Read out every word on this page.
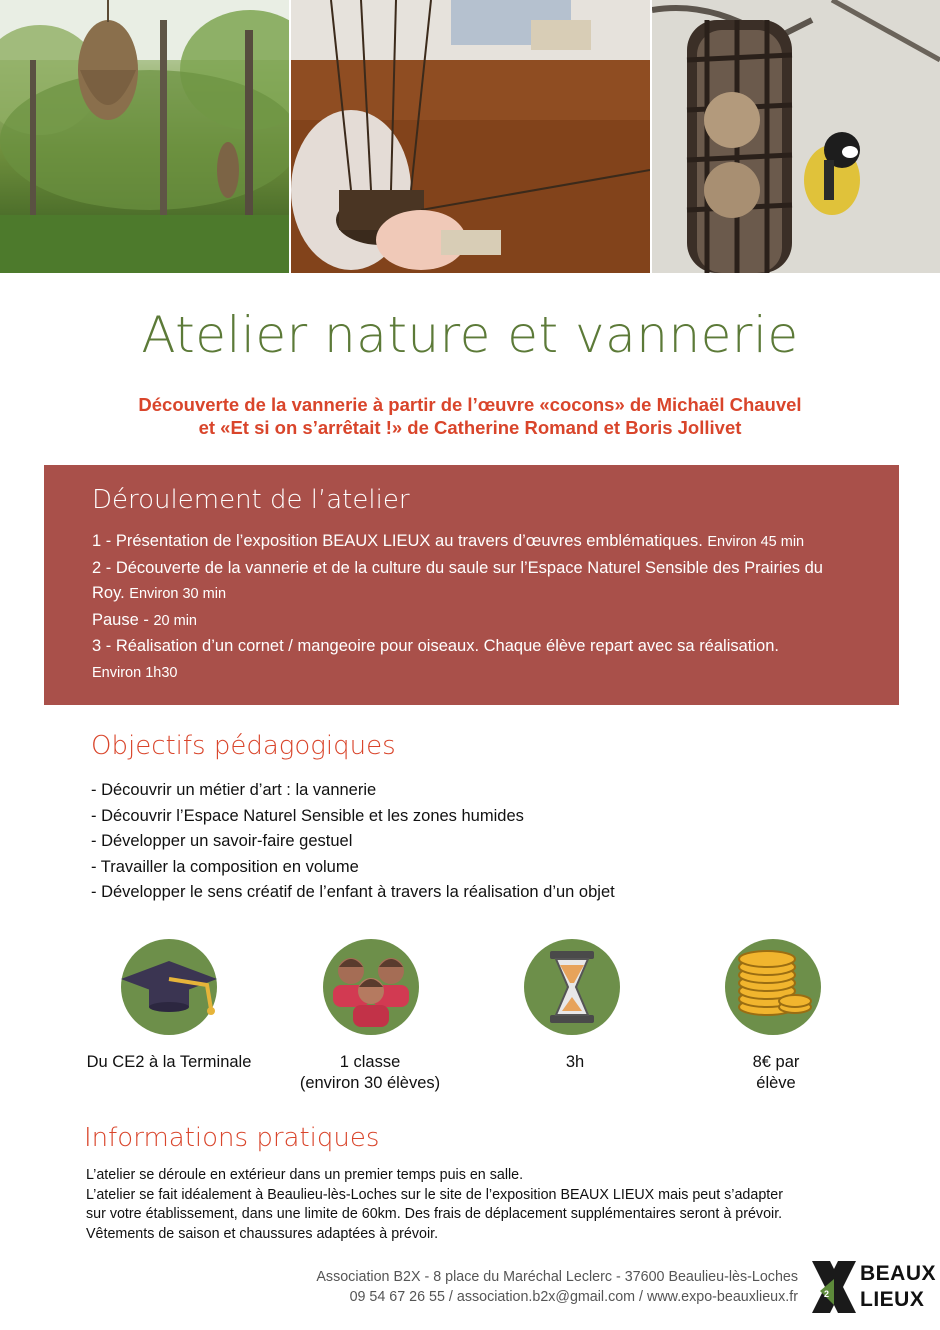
Atelier nature et vannerie
Découverte de la vannerie à partir de l’œuvre «cocons» de Michaël Chauvel
et «Et si on s’arrêtait !» de Catherine Romand et Boris Jollivet
Déroulement de l’atelier

1 - Présentation de l’exposition BEAUX LIEUX au travers d’œuvres emblématiques. Environ 45 min

2 - Découverte de la vannerie et de la culture du saule sur l’Espace Naturel Sensible des Prairies du Roy. Environ 30 min

Pause - 20 min

3 - Réalisation d’un cornet / mangeoire pour oiseaux. Chaque élève repart avec sa réalisation.
Environ 1h30

Objectifs pédagogiques
- Découvrir un métier d’art : la vannerie
- Découvrir l’Espace Naturel Sensible et les zones humides
- Développer un savoir-faire gestuel
- Travailler la composition en volume
- Développer le sens créatif de l’enfant à travers la réalisation d’un objet
Du CE2 à la Terminale	1 classe
(environ 30 élèves)
3h	8€ par
élève
Informations pratiques
L’atelier se déroule en extérieur dans un premier temps puis en salle.
L’atelier se fait idéalement à Beaulieu-lès-Loches sur le site de l’exposition BEAUX LIEUX mais peut s’adapter
sur votre établissement, dans une limite de 60km. Des frais de déplacement supplémentaires seront à prévoir.
Vêtements de saison et chaussures adaptées à prévoir.
Association B2X - 8 place du Maréchal Leclerc - 37600 Beaulieu-lès-Loches
09 54 67 26 55 / association.b2x@gmail.com / www.expo-beauxlieux.fr	2
BEAUX
LIEUX
